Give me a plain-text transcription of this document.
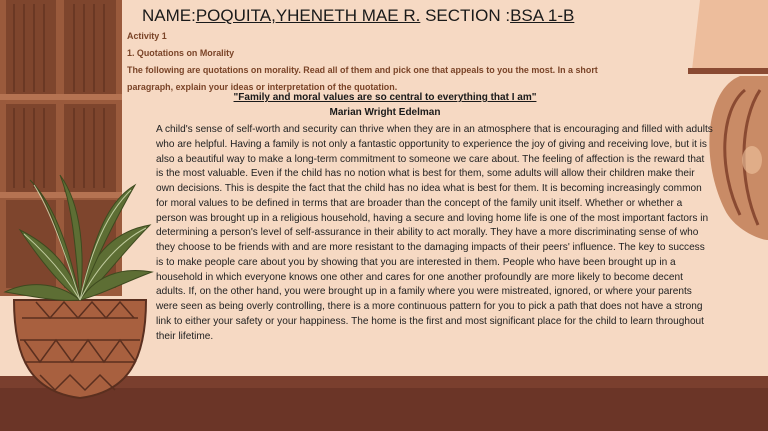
NAME:POQUITA,YHENETH MAE R. SECTION :BSA 1-B
Activity 1
1. Quotations on Morality
The following are quotations on morality. Read all of them and pick one that appeals to you the most. In a short paragraph, explain your ideas or interpretation of the quotation.
"Family and moral values are so central to everything that I am"
Marian Wright Edelman
A child's sense of self-worth and security can thrive when they are in an atmosphere that is encouraging and filled with adults who are helpful. Having a family is not only a fantastic opportunity to experience the joy of giving and receiving love, but it is also a beautiful way to make a long-term commitment to someone we care about. The feeling of affection is the reward that is the most valuable. Even if the child has no notion what is best for them, some adults will allow their children make their own decisions. This is despite the fact that the child has no idea what is best for them. It is becoming increasingly common for moral values to be defined in terms that are broader than the concept of the family unit itself. Whether or whether a person was brought up in a religious household, having a secure and loving home life is one of the most important factors in determining a person's level of self-assurance in their ability to act morally. They have a more discriminating sense of who they choose to be friends with and are more resistant to the damaging impacts of their peers' influence. The key to success is to make people care about you by showing that you are interested in them. People who have been brought up in a household in which everyone knows one other and cares for one another profoundly are more likely to become decent adults. If, on the other hand, you were brought up in a family where you were mistreated, ignored, or where your parents were seen as being overly controlling, there is a more continuous pattern for you to pick a path that does not have a strong link to either your safety or your happiness. The home is the first and most significant place for the child to learn throughout their lifetime.
